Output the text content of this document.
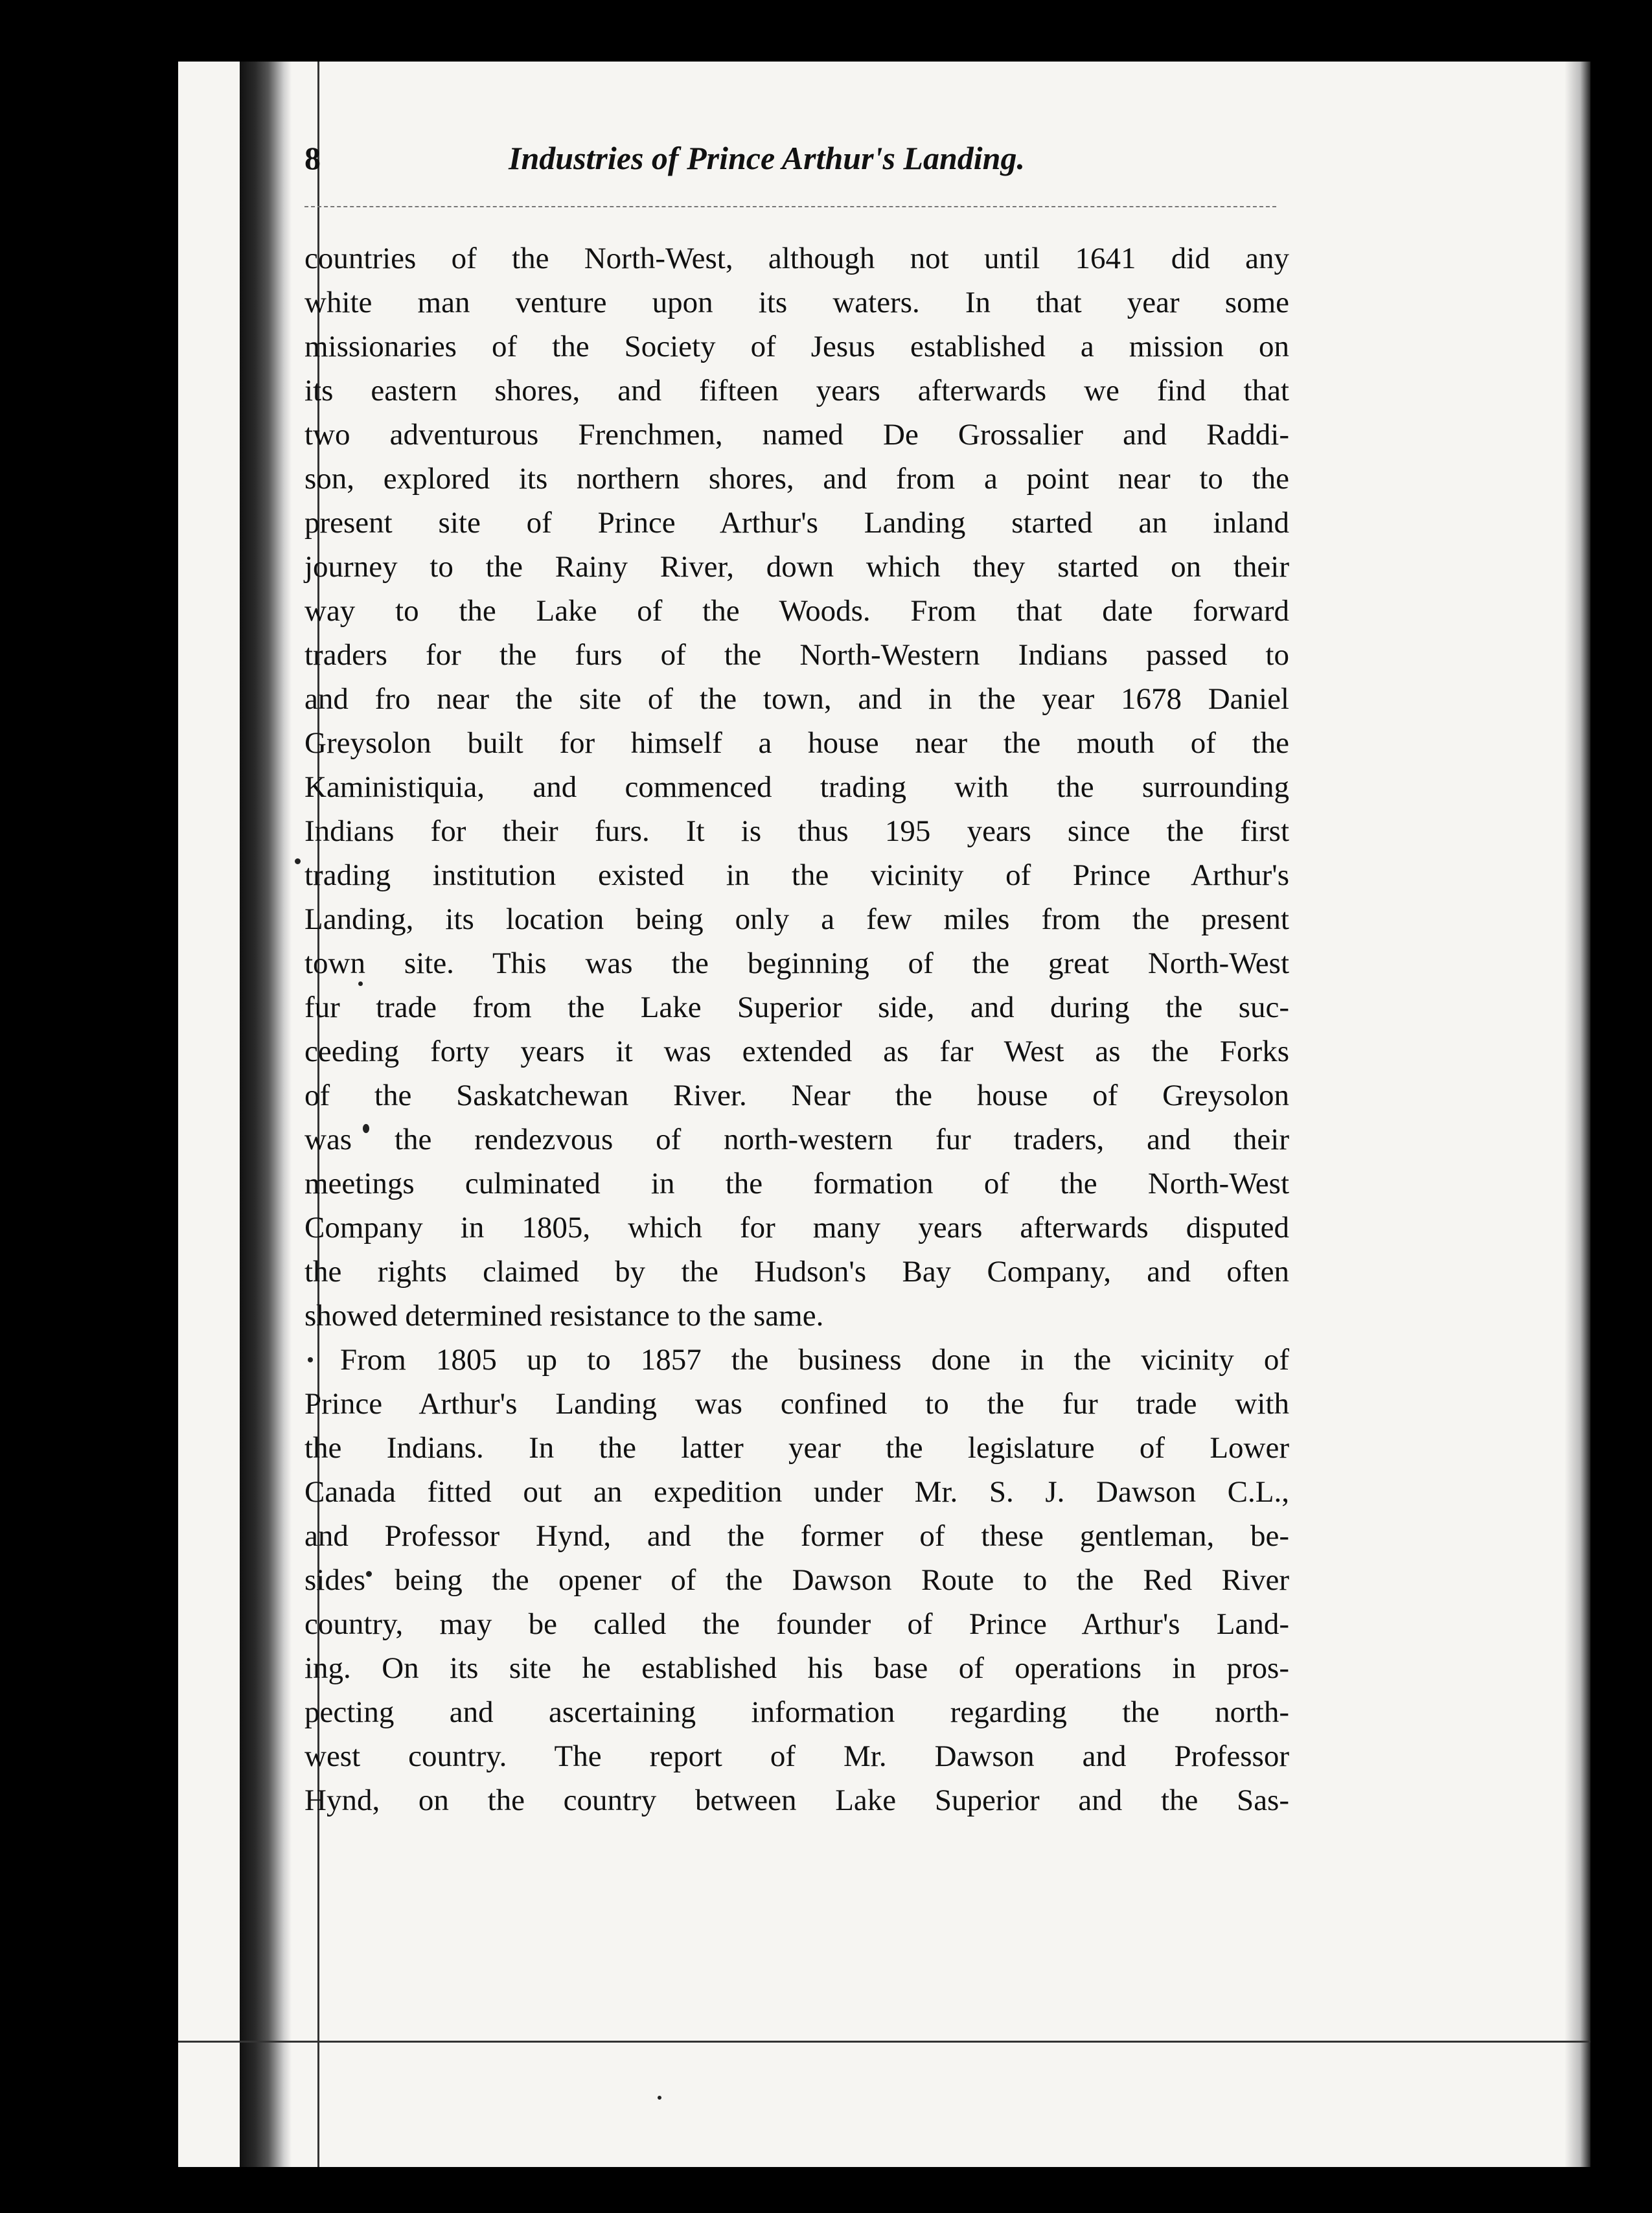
8	Industries of Prince Arthur's Landing.
countries of the North-West, although not until 1641 did any
white man venture upon its waters. In that year some
missionaries of the Society of Jesus established a mission on
its eastern shores, and fifteen years afterwards we find that
two adventurous Frenchmen, named De Grossalier and Raddi-
son, explored its northern shores, and from a point near to the
present site of Prince Arthur's Landing started an inland
journey to the Rainy River, down which they started on their
way to the Lake of the Woods. From that date forward
traders for the furs of the North-Western Indians passed to
and fro near the site of the town, and in the year 1678 Daniel
Greysolon built for himself a house near the mouth of the
Kaministiquia, and commenced trading with the surrounding
Indians for their furs. It is thus 195 years since the first
trading institution existed in the vicinity of Prince Arthur's
Landing, its location being only a few miles from the present
town site. This was the beginning of the great North-West
fur trade from the Lake Superior side, and during the suc-
ceeding forty years it was extended as far West as the Forks
of the Saskatchewan River. Near the house of Greysolon
was the rendezvous of north-western fur traders, and their
meetings culminated in the formation of the North-West
Company in 1805, which for many years afterwards disputed
the rights claimed by the Hudson's Bay Company, and often
showed determined resistance to the same.
From 1805 up to 1857 the business done in the vicinity of
Prince Arthur's Landing was confined to the fur trade with
the Indians. In the latter year the legislature of Lower
Canada fitted out an expedition under Mr. S. J. Dawson C.L.,
and Professor Hynd, and the former of these gentleman, be-
sides being the opener of the Dawson Route to the Red River
country, may be called the founder of Prince Arthur's Land-
ing. On its site he established his base of operations in pros-
pecting and ascertaining information regarding the north-
west country. The report of Mr. Dawson and Professor
Hynd, on the country between Lake Superior and the Sas-
